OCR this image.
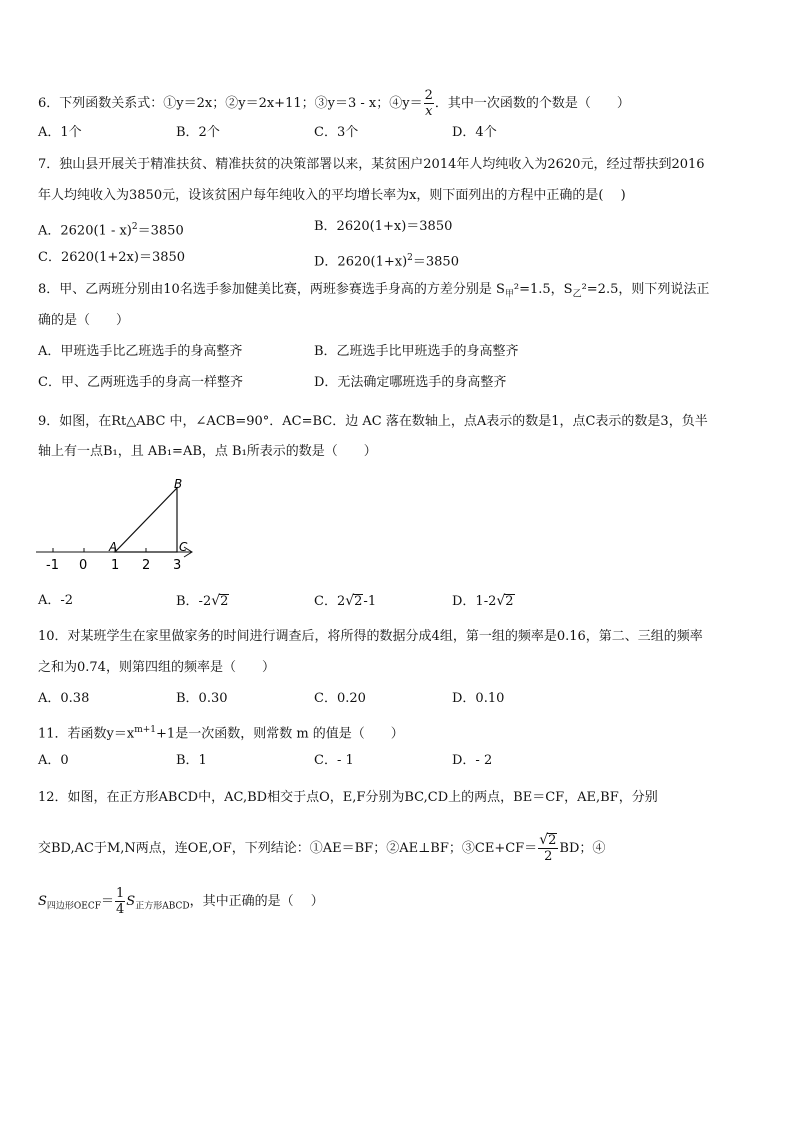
6．下列函数关系式：①y＝2x；②y＝2x+11；③y＝3 - x；④y＝ $\frac{2}{x}$ ．其中一次函数的个数是（　　）
A．1个	B．2个	C．3个	D．4个
7．独山县开展关于精准扶贫、精准扶贫的决策部署以来，某贫困户2014年人均纯收入为2620元，经过帮扶到2016
年人均纯收入为3850元，设该贫困户每年纯收入的平均增长率为x，则下面列出的方程中正确的是(　 )
A．2620(1 - x)$^2$＝3850	B．2620(1+x)＝3850
C．2620(1+2x)＝3850	D．$2620(1+x)^2=3850$
8．甲、乙两班分别由10名选手参加健美比赛，两班参赛选手身高的方差分别是 $S_甲^2=1.5$，$S_乙^2=2.5$，则下列说法正
确的是（　　）
A．甲班选手比乙班选手的身高整齐	B．乙班选手比甲班选手的身高整齐
C．甲、乙两班选手的身高一样整齐	D．无法确定哪班选手的身高整齐
9．如图，在Rt△ABC 中，∠ACB=90°．AC=BC．边 AC 落在数轴上，点A表示的数是1，点C表示的数是3，负半
轴上有一点B₁，且 AB₁=AB，点 B₁所表示的数是（　　）
-1 0 1 2 3
A
B
C
A．-2	B．-2√2	C．2√2-1	D．1-2√2
10．对某班学生在家里做家务的时间进行调查后，将所得的数据分成4组，第一组的频率是0.16，第二、三组的频率
之和为0.74，则第四组的频率是（　　）
A．0.38	B．0.30	C．0.20	D．0.10
11．若函数$y=x^{m+1}+1$是一次函数，则常数 m 的值是（　　）
A．0	B．1	C．- 1	D．- 2
12．如图，在正方形ABCD中，AC,BD相交于点O，E,F分别为BC,CD上的两点，BE＝CF，AE,BF，分别
交BD,AC于M,N两点，连OE,OF，下列结论：①AE＝BF；②AE⊥BF；③CE+CF＝ $\frac{√2}{2}$ BD；④
$S_{四边形OECF}= \frac{1}{4} S_{正方形ABCD}$，其中正确的是（　 ）
